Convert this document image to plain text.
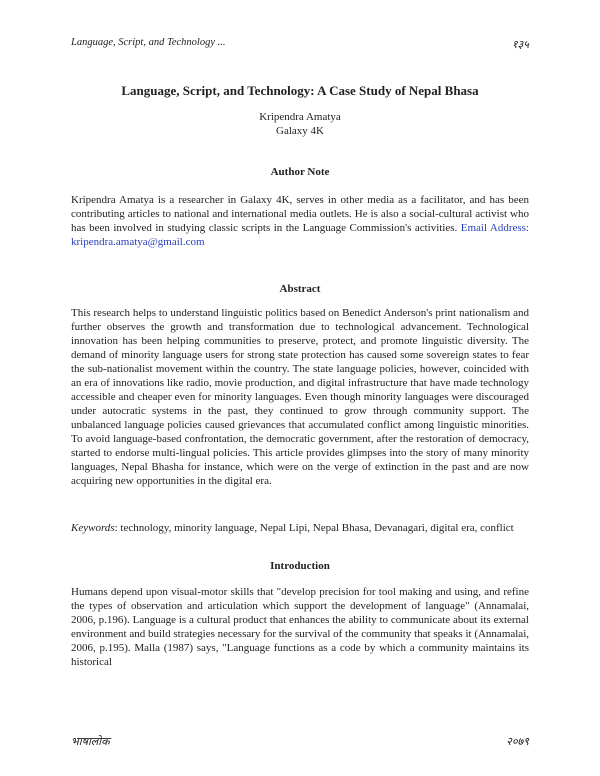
Language, Script, and Technology ...	१३५
Language, Script, and Technology: A Case Study of Nepal Bhasa
Kripendra Amatya
Galaxy 4K
Author Note

Kripendra Amatya is a researcher in Galaxy 4K, serves in other media as a facilitator, and has been contributing articles to national and international media outlets. He is also a social-cultural activist who has been involved in studying classic scripts in the Language Commission's activities. Email Address: kripendra.amatya@gmail.com

Abstract

This research helps to understand linguistic politics based on Benedict Anderson's print nationalism and further observes the growth and transformation due to technological advancement. Technological innovation has been helping communities to preserve, protect, and promote linguistic diversity. The demand of minority language users for strong state protection has caused some sovereign states to fear the sub-nationalist movement within the country. The state language policies, however, coincided with an era of innovations like radio, movie production, and digital infrastructure that have made technology accessible and cheaper even for minority languages. Even though minority languages were discouraged under autocratic systems in the past, they continued to grow through community support. The unbalanced language policies caused grievances that accumulated conflict among linguistic minorities. To avoid language-based confrontation, the democratic government, after the restoration of democracy, started to endorse multi-lingual policies. This article provides glimpses into the story of many minority languages, Nepal Bhasha for instance, which were on the verge of extinction in the past and are now acquiring new opportunities in the digital era.

Keywords: technology, minority language, Nepal Lipi, Nepal Bhasa, Devanagari, digital era, conflict

Introduction

Humans depend upon visual-motor skills that "develop precision for tool making and using, and refine the types of observation and articulation which support the development of language" (Annamalai, 2006, p.196). Language is a cultural product that enhances the ability to communicate about its external environment and build strategies necessary for the survival of the community that speaks it (Annamalai, 2006, p.195). Malla (1987) says, "Language functions as a code by which a community maintains its historical

भाषालोक	२०७९
